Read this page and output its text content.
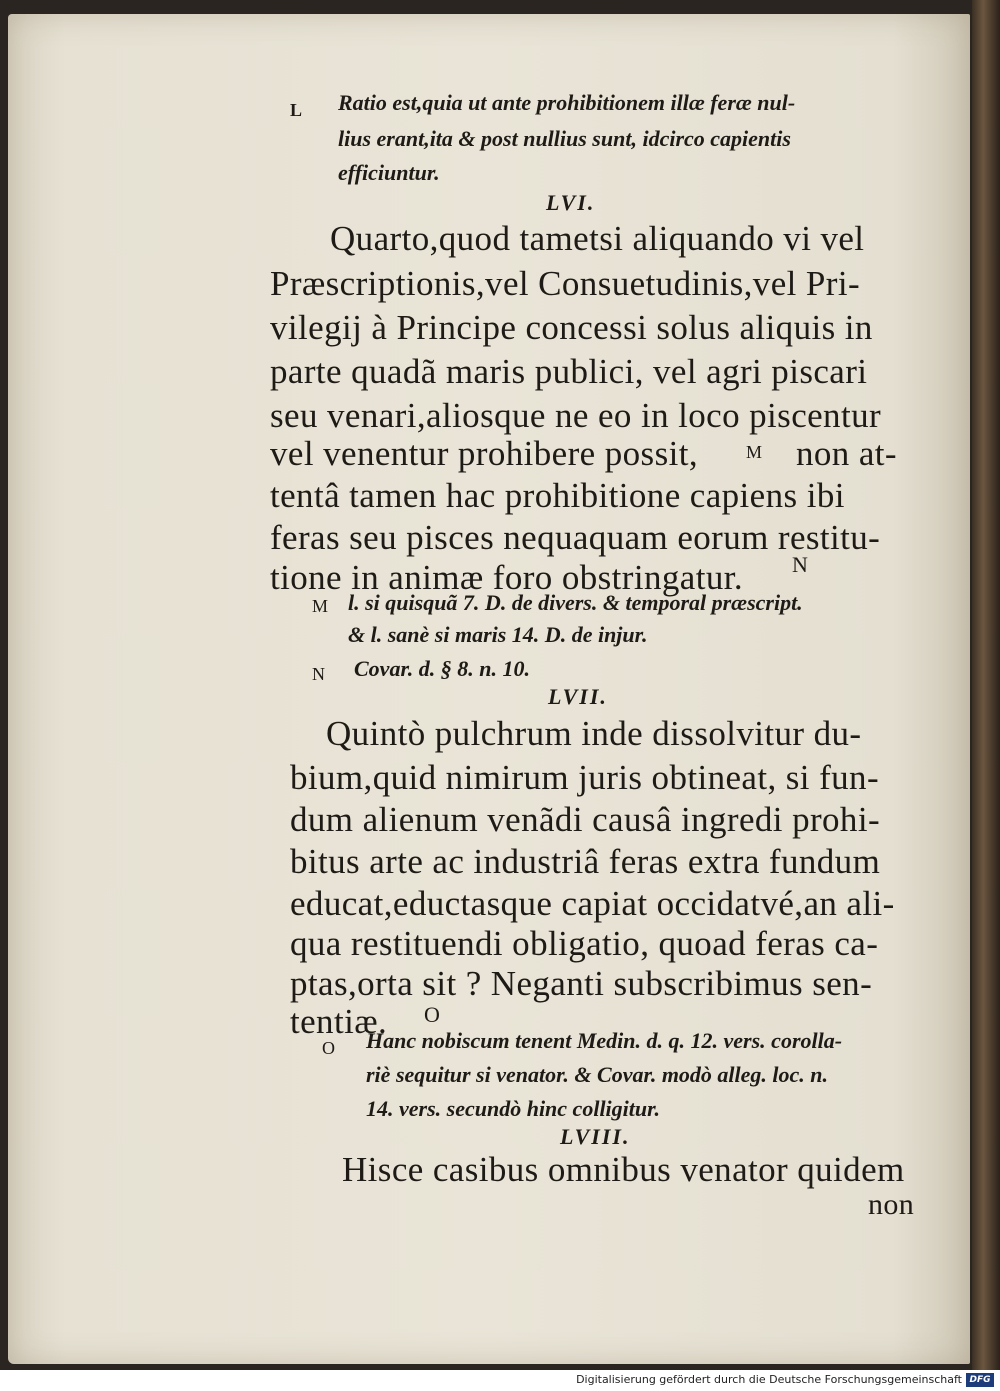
L Ratio est,quia ut ante prohibitionem illæ feræ nul-
lius erant,ita & post nullius sunt, idcirco capientis
efficiuntur.
LVI.
Quarto,quod tametsi aliquando vi vel
Præscriptionis,vel Consuetudinis,vel Pri-
vilegij à Principe concessi solus aliquis in
parte quadã maris publici, vel agri piscari
seu venari,aliosque ne eo in loco piscentur
vel venentur prohibere possit,	M non at-
tentâ tamen hac prohibitione capiens ibi
feras seu pisces nequaquam eorum restitu-
tione in animæ foro obstringatur. N
M l. si quisquã 7. D. de divers. & temporal præscript.
& l. sanè si maris 14. D. de injur.
N Covar. d. § 8. n. 10.
LVII.
Quintò pulchrum inde dissolvitur du-
bium,quid nimirum juris obtineat, si fun-
dum alienum venãdi causâ ingredi prohi-
bitus arte ac industriâ feras extra fundum
educat,eductasque capiat occidatvé,an ali-
qua restituendi obligatio, quoad feras ca-
ptas,orta sit ? Neganti subscribimus sen-
tentiæ. O
O Hanc nobiscum tenent Medin. d. q. 12. vers. corolla-
riè sequitur si venator. & Covar. modò alleg. loc. n.
14. vers. secundò hinc colligitur.
LVIII.
Hisce casibus omnibus venator quidem
non
Digitalisierung gefördert durch die Deutsche Forschungsgemeinschaft DFG
